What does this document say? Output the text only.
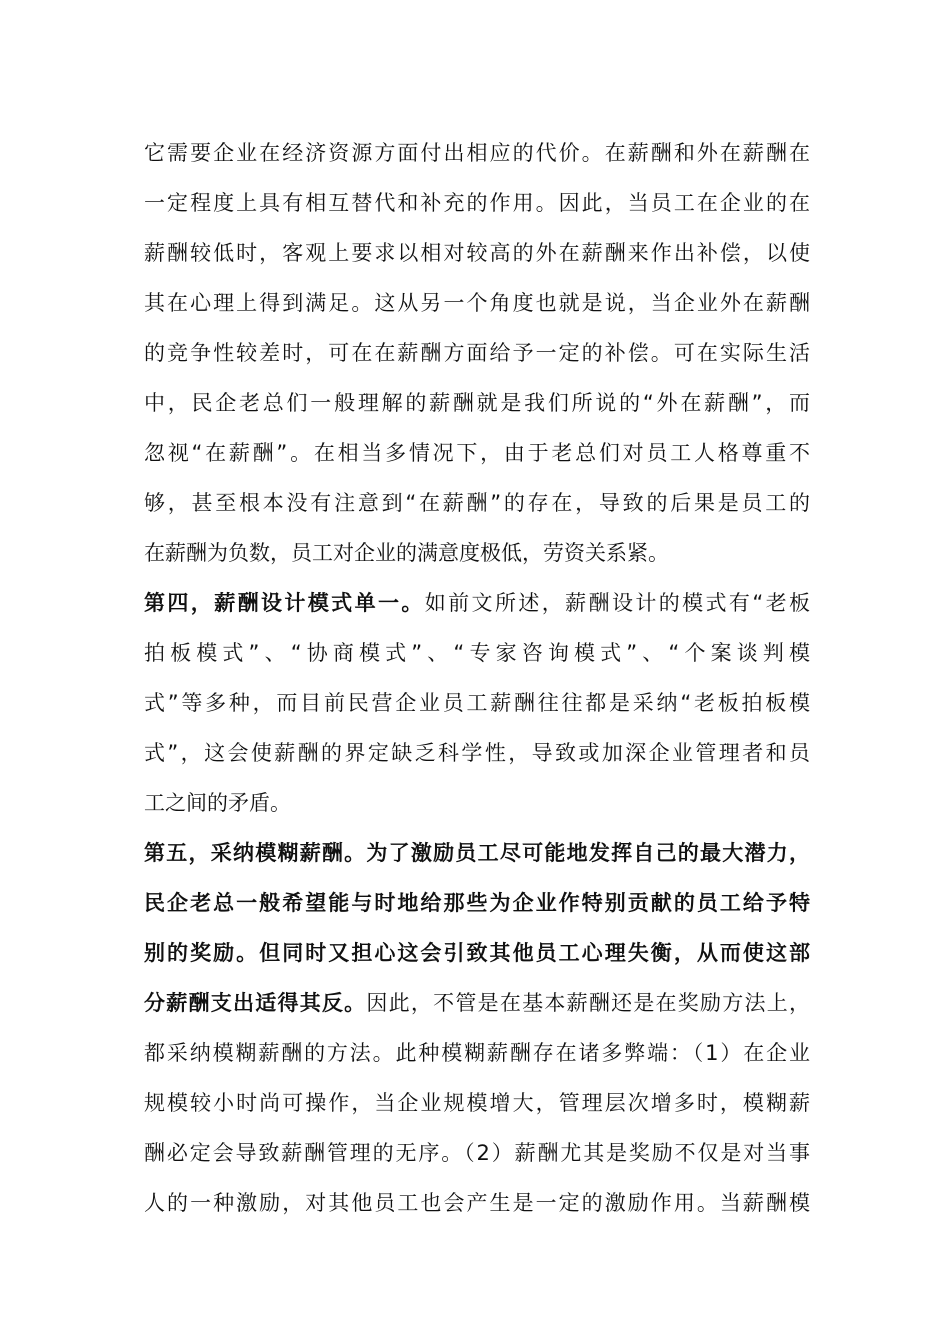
它需要企业在经济资源方面付出相应的代价。在薪酬和外在薪酬在
一定程度上具有相互替代和补充的作用。因此，当员工在企业的在
薪酬较低时，客观上要求以相对较高的外在薪酬来作出补偿，以使
其在心理上得到满足。这从另一个角度也就是说，当企业外在薪酬
的竞争性较差时，可在在薪酬方面给予一定的补偿。可在实际生活
中，民企老总们一般理解的薪酬就是我们所说的“外在薪酬”，而
忽视“在薪酬”。在相当多情况下，由于老总们对员工人格尊重不
够，甚至根本没有注意到“在薪酬”的存在，导致的后果是员工的
在薪酬为负数，员工对企业的满意度极低，劳资关系紧。
第四，薪酬设计模式单一。如前文所述，薪酬设计的模式有“老板
拍板模式”、“协商模式”、“专家咨询模式”、“个案谈判模
式”等多种，而目前民营企业员工薪酬往往都是采纳“老板拍板模
式”，这会使薪酬的界定缺乏科学性，导致或加深企业管理者和员
工之间的矛盾。
第五，采纳模糊薪酬。为了激励员工尽可能地发挥自己的最大潜力，
民企老总一般希望能与时地给那些为企业作特别贡献的员工给予特
别的奖励。但同时又担心这会引致其他员工心理失衡，从而使这部
分薪酬支出适得其反。因此，不管是在基本薪酬还是在奖励方法上，
都采纳模糊薪酬的方法。此种模糊薪酬存在诸多弊端：（1）在企业
规模较小时尚可操作，当企业规模增大，管理层次增多时，模糊薪
酬必定会导致薪酬管理的无序。（2）薪酬尤其是奖励不仅是对当事
人的一种激励，对其他员工也会产生是一定的激励作用。当薪酬模
